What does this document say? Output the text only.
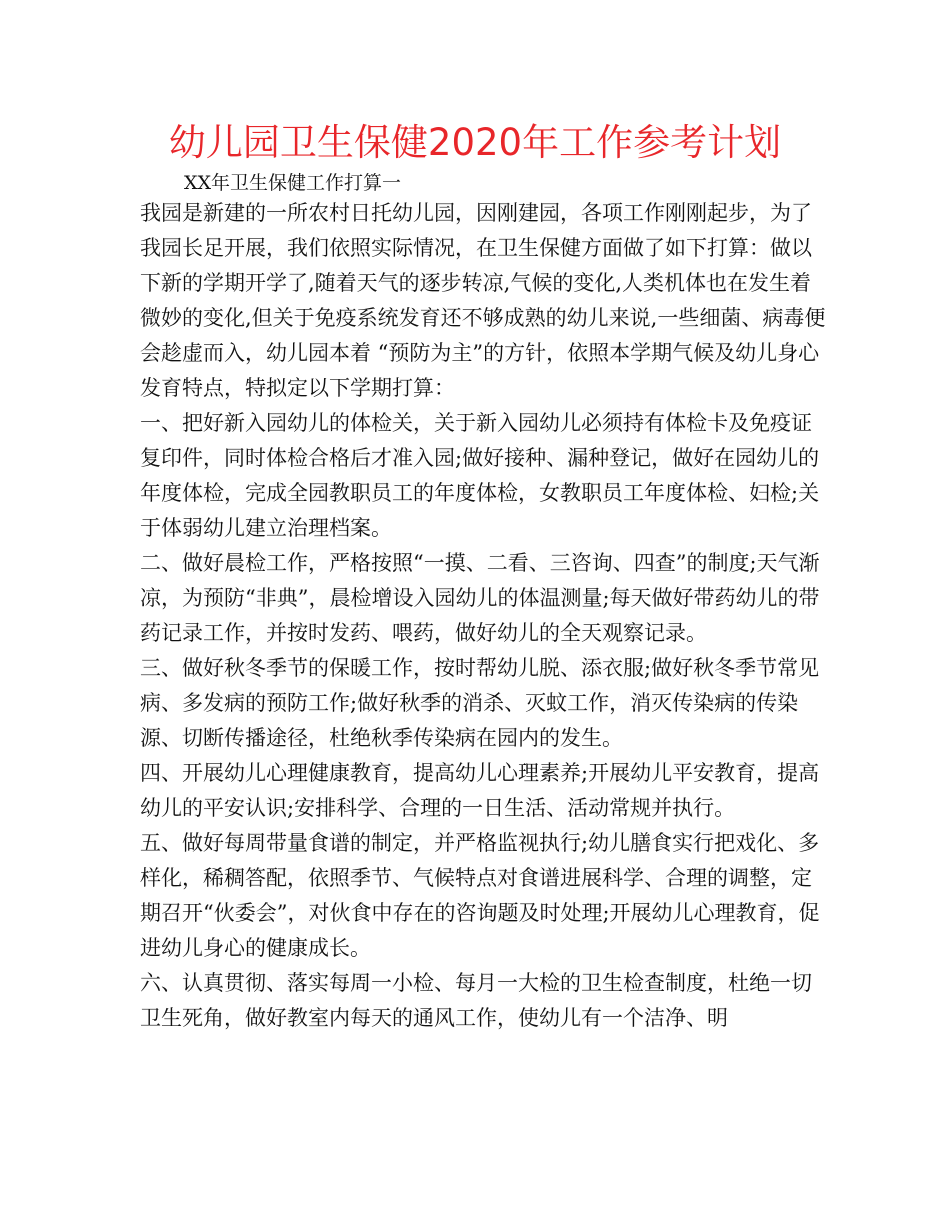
幼儿园卫生保健2020年工作参考计划

XX年卫生保健工作打算一

我园是新建的一所农村日托幼儿园，因刚建园，各项工作刚刚起步，为了我园长足开展，我们依照实际情况，在卫生保健方面做了如下打算：做以下新的学期开学了,随着天气的逐步转凉,气候的变化,人类机体也在发生着微妙的变化,但关于免疫系统发育还不够成熟的幼儿来说,一些细菌、病毒便会趁虚而入，幼儿园本着 “预防为主”的方针，依照本学期气候及幼儿身心发育特点，特拟定以下学期打算：

一、把好新入园幼儿的体检关，关于新入园幼儿必须持有体检卡及免疫证复印件，同时体检合格后才准入园;做好接种、漏种登记，做好在园幼儿的年度体检，完成全园教职员工的年度体检，女教职员工年度体检、妇检;关于体弱幼儿建立治理档案。

二、做好晨检工作，严格按照“一摸、二看、三咨询、四查”的制度;天气渐凉，为预防“非典”，晨检增设入园幼儿的体温测量;每天做好带药幼儿的带药记录工作，并按时发药、喂药，做好幼儿的全天观察记录。

三、做好秋冬季节的保暖工作，按时帮幼儿脱、添衣服;做好秋冬季节常见病、多发病的预防工作;做好秋季的消杀、灭蚊工作，消灭传染病的传染源、切断传播途径，杜绝秋季传染病在园内的发生。

四、开展幼儿心理健康教育，提高幼儿心理素养;开展幼儿平安教育，提高幼儿的平安认识;安排科学、合理的一日生活、活动常规并执行。

五、做好每周带量食谱的制定，并严格监视执行;幼儿膳食实行把戏化、多样化，稀稠答配，依照季节、气候特点对食谱进展科学、合理的调整，定期召开“伙委会”，对伙食中存在的咨询题及时处理;开展幼儿心理教育，促进幼儿身心的健康成长。

六、认真贯彻、落实每周一小检、每月一大检的卫生检查制度，杜绝一切卫生死角，做好教室内每天的通风工作，使幼儿有一个洁净、明
